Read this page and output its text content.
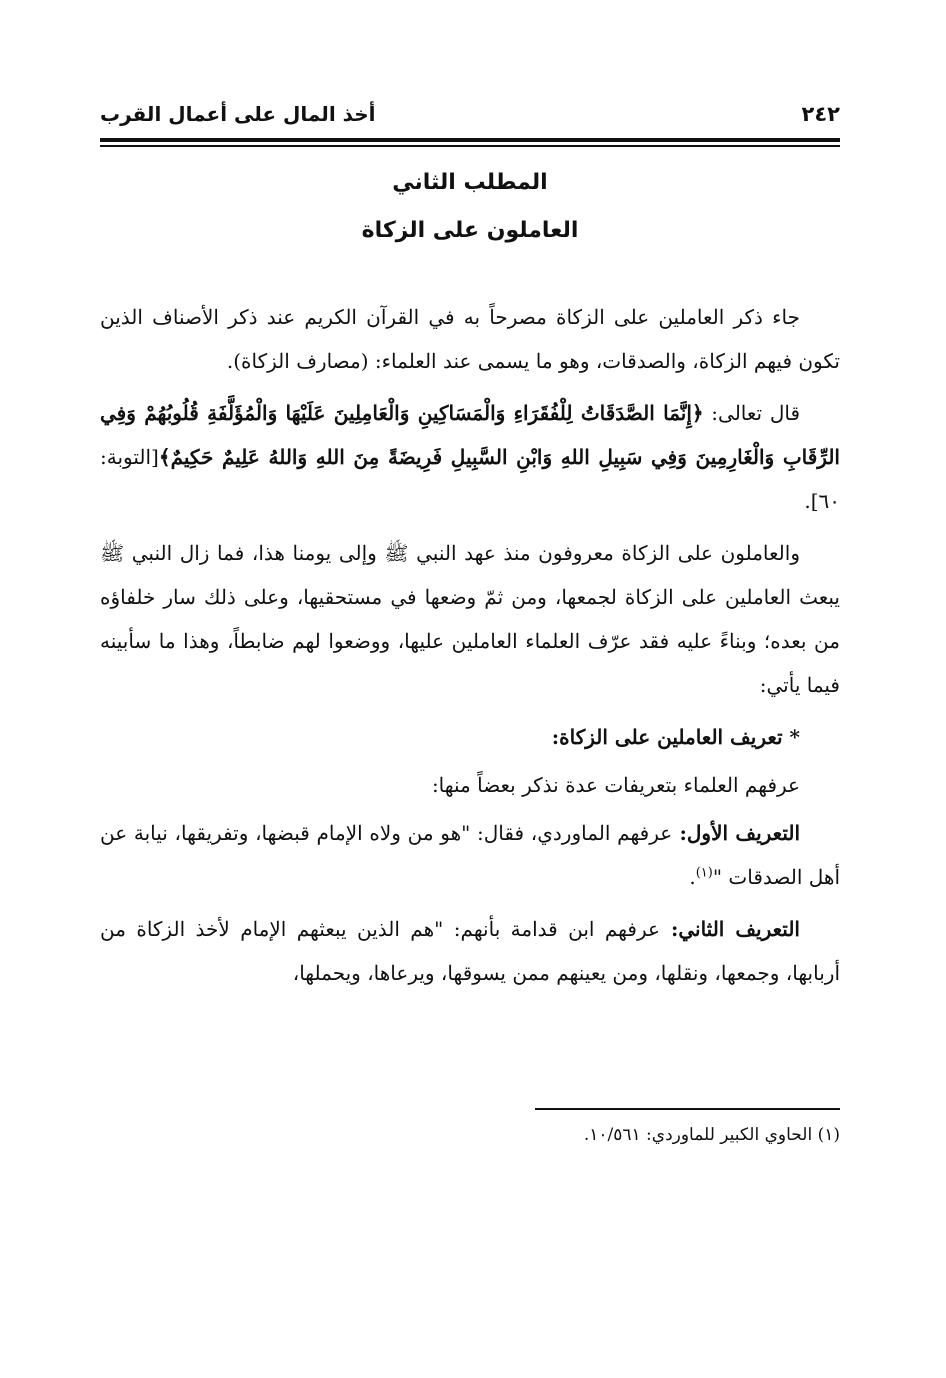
٢٤٢
أخذ المال على أعمال القرب
المطلب الثاني
العاملون على الزكاة

جاء ذكر العاملين على الزكاة مصرحاً به في القرآن الكريم عند ذكر الأصناف الذين تكون فيهم الزكاة، والصدقات، وهو ما يسمى عند العلماء: (مصارف الزكاة).

قال تعالى: ﴿إِنَّمَا الصَّدَقَاتُ لِلْفُقَرَاءِ وَالْمَسَاكِينِ وَالْعَامِلِينَ عَلَيْهَا وَالْمُؤَلَّفَةِ قُلُوبُهُمْ وَفِي الرِّقَابِ وَالْغَارِمِينَ وَفِي سَبِيلِ اللهِ وَابْنِ السَّبِيلِ فَرِيضَةً مِنَ اللهِ وَاللهُ عَلِيمٌ حَكِيمٌ﴾[التوبة: ٦٠].

والعاملون على الزكاة معروفون منذ عهد النبي ﷺ وإلى يومنا هذا، فما زال النبي ﷺ يبعث العاملين على الزكاة لجمعها، ومن ثمّ وضعها في مستحقيها، وعلى ذلك سار خلفاؤه من بعده؛ وبناءً عليه فقد عرّف العلماء العاملين عليها، ووضعوا لهم ضابطاً، وهذا ما سأبينه فيما يأتي:

* تعريف العاملين على الزكاة:

عرفهم العلماء بتعريفات عدة نذكر بعضاً منها:

التعريف الأول: عرفهم الماوردي، فقال: "هو من ولاه الإمام قبضها، وتفريقها، نيابة عن أهل الصدقات "$^{(١)}$.

التعريف الثاني: عرفهم ابن قدامة بأنهم: "هم الذين يبعثهم الإمام لأخذ الزكاة من أربابها، وجمعها، ونقلها، ومن يعينهم ممن يسوقها، ويرعاها، ويحملها،

(١) الحاوي الكبير للماوردي: ١٠/٥٦١.
